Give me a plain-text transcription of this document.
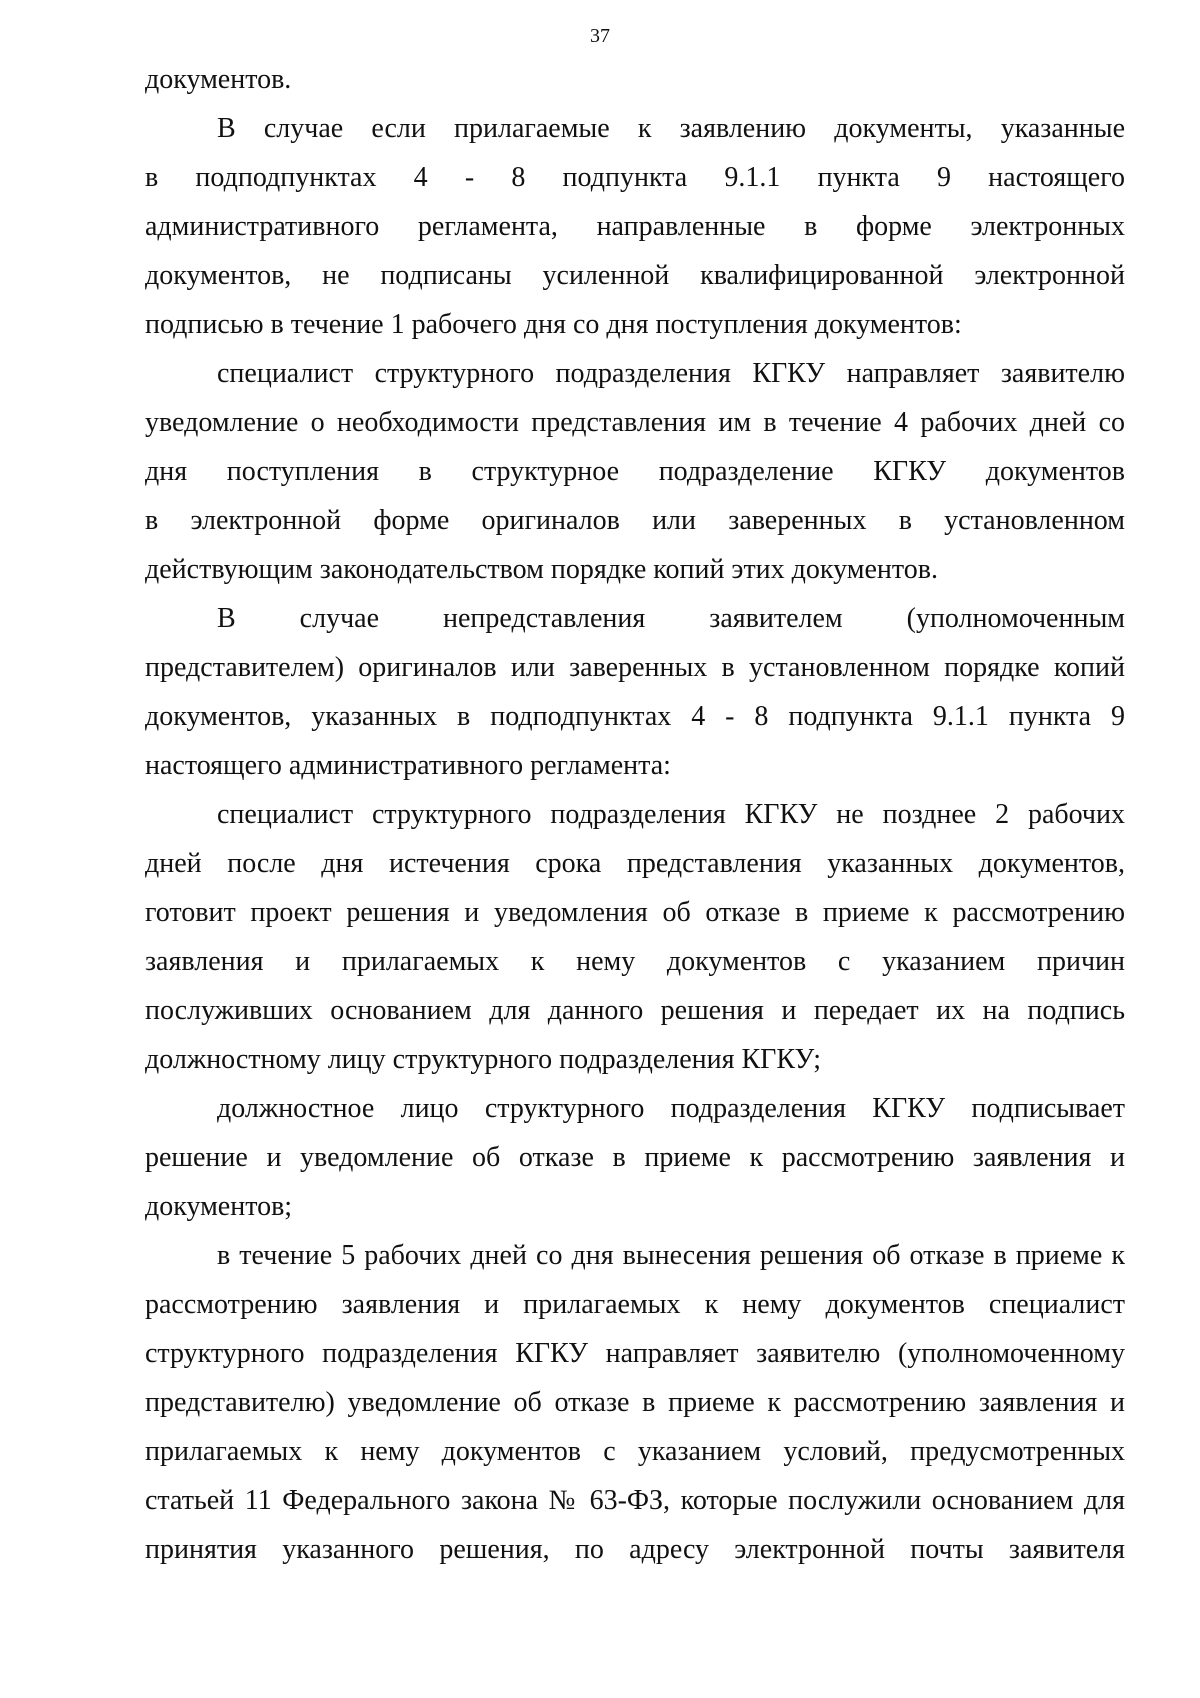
37
документов.
В случае если прилагаемые к заявлению документы, указанные
в подподпунктах 4 - 8 подпункта 9.1.1 пункта 9 настоящего
административного регламента, направленные в форме электронных
документов, не подписаны усиленной квалифицированной электронной
подписью в течение 1 рабочего дня со дня поступления документов:
специалист структурного подразделения КГКУ направляет заявителю
уведомление о необходимости представления им в течение 4 рабочих дней со
дня поступления в структурное подразделение КГКУ документов
в электронной форме оригиналов или заверенных в установленном
действующим законодательством порядке копий этих документов.
В случае непредставления заявителем (уполномоченным
представителем) оригиналов или заверенных в установленном порядке копий
документов, указанных в подподпунктах 4 - 8 подпункта 9.1.1 пункта 9
настоящего административного регламента:
специалист структурного подразделения КГКУ не позднее 2 рабочих
дней после дня истечения срока представления указанных документов,
готовит проект решения и уведомления об отказе в приеме к рассмотрению
заявления и прилагаемых к нему документов с указанием причин
послуживших основанием для данного решения и передает их на подпись
должностному лицу структурного подразделения КГКУ;
должностное лицо структурного подразделения КГКУ подписывает
решение и уведомление об отказе в приеме к рассмотрению заявления и
документов;
в течение 5 рабочих дней со дня вынесения решения об отказе в приеме к
рассмотрению заявления и прилагаемых к нему документов специалист
структурного подразделения КГКУ направляет заявителю (уполномоченному
представителю) уведомление об отказе в приеме к рассмотрению заявления и
прилагаемых к нему документов с указанием условий, предусмотренных
статьей 11 Федерального закона № 63-ФЗ, которые послужили основанием для
принятия указанного решения, по адресу электронной почты заявителя
